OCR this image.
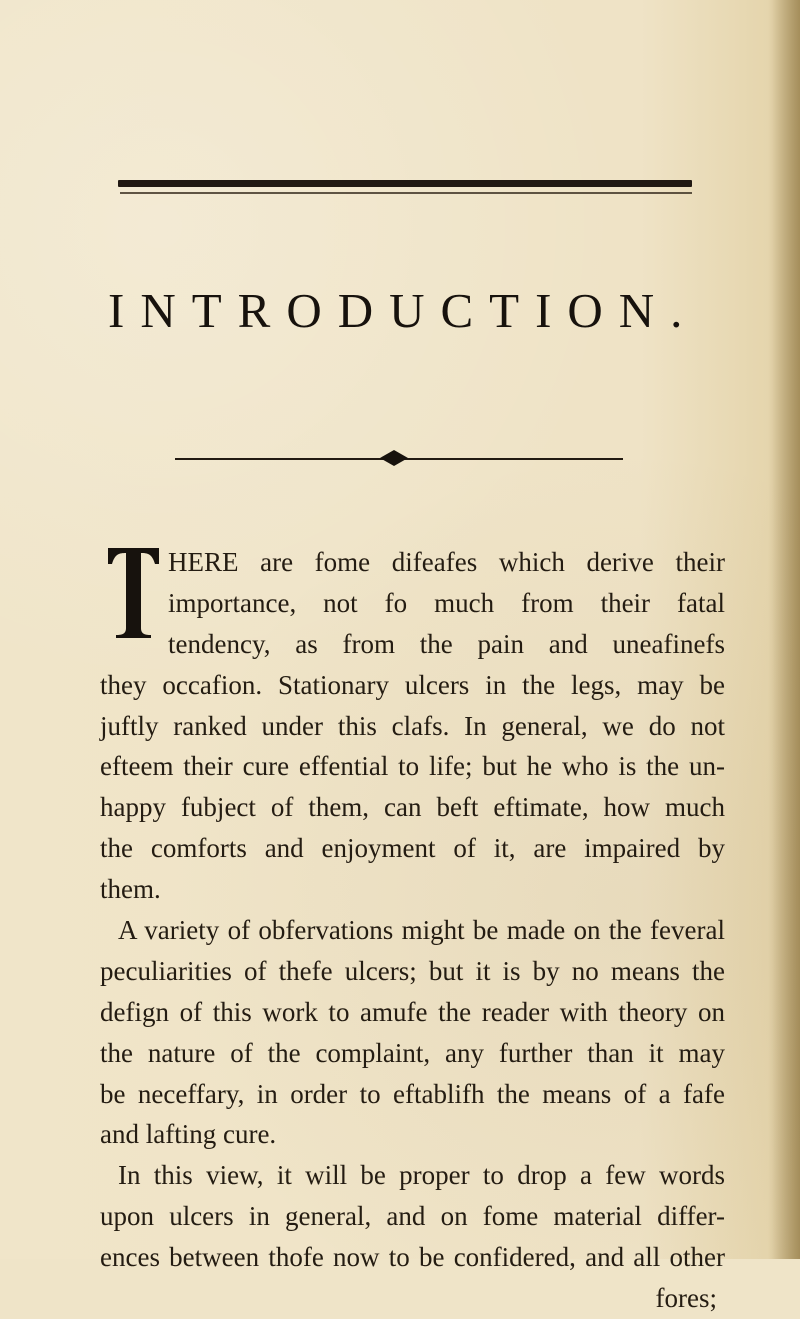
INTRODUCTION.
HERE are fome difeafes which derive their
importance, not fo much from their fatal
tendency, as from the pain and uneafinefs
they occafion. Stationary ulcers in the legs, may be
juftly ranked under this clafs. In general, we do not
efteem their cure effential to life; but he who is the un-
happy fubject of them, can beft eftimate, how much
the comforts and enjoyment of it, are impaired by
them.
A variety of obfervations might be made on the feveral
peculiarities of thefe ulcers; but it is by no means the
defign of this work to amufe the reader with theory on
the nature of the complaint, any further than it may
be neceffary, in order to eftablifh the means of a fafe
and lafting cure.
In this view, it will be proper to drop a few words
upon ulcers in general, and on fome material differ-
ences between thofe now to be confidered, and all other
fores;
